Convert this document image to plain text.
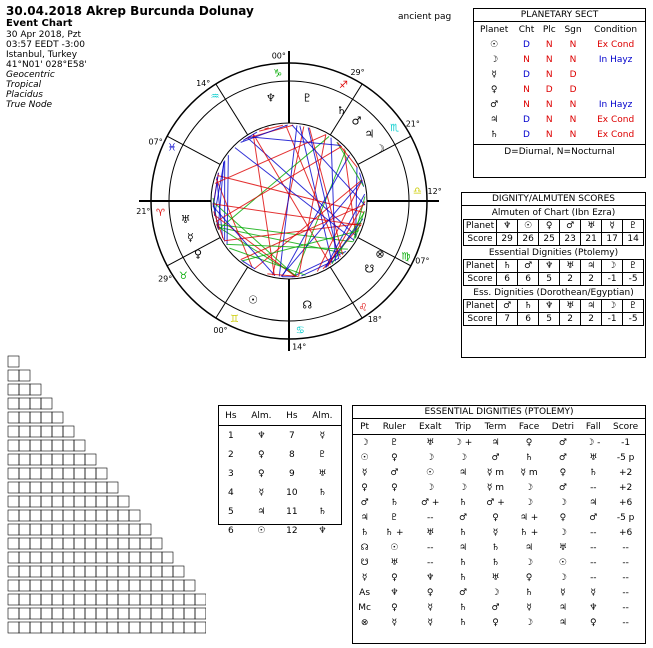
30.04.2018 Akrep Burcunda Dolunay
Event Chart
30 Apr 2018, Pzt
03:57 EEDT -3:00
Istanbul, Turkey
41°N01' 028°E58'
Geocentric
Tropical
Placidus
True Node
ancient pag
21°
29°
00°
14°
18°
07°
12°
21°
29°
00°
14°
07°
♈
♉
♊
♋
♌
♍
♎
♏
♐
♑
♒
♓
♆ ♇
♄
♂
♃
☽
♀
☿
♅
☉	☊
☋
⊗
PLANETARY SECT
Planet	Cht	Plc	Sgn	Condition
☉	D	N	N	Ex Cond
☽	N	N	N	In Hayz
☿	D	N	D	
♀	N	D	D	
♂	N	N	N	In Hayz
♃	D	N	N	Ex Cond
♄	D	N	N	Ex Cond
D=Diurnal, N=Nocturnal
DIGNITY/ALMUTEN SCORES
Almuten of Chart (Ibn Ezra)
Planet	♆	☉	♀	♂	♅	☿	♇
Score	29	26	25	23	21	17	14
Essential Dignities (Ptolemy)
Planet	♄	♂	♆	♅	♃	☽	♇
Score	6	6	5	2	2	-1	-5
Ess. Dignities (Dorothean/Egyptian)
Planet	♂	♄	♆	♅	♃	☽	♇
Score	7	6	5	2	2	-1	-5
Hs	Alm.	Hs	Alm.
1	♆	7	☿
2	♀	8	♇
3	♀	9	♅
4	☿	10	♄
5	♃	11	♄
6	☉	12	♆
ESSENTIAL DIGNITIES (PTOLEMY)
Pt	Ruler	Exalt	Trip	Term	Face	Detri	Fall	Score
☽	♇	♅	☽ +	♃	♀	♂	☽ -	-1
☉	♀	☽	☽	♂	♄	♂	♅	-5 p
☿	♂	☉	♃	☿ m	☿ m	♀	♄	+2
♀	♀	☽	☽	☿ m	☽	♂	--	+2
♂	♄	♂ +	♄	♂ +	☽	☽	♃	+6
♃	♇	--	♂	♀	♃ +	♀	♂	-5 p
♄	♄ +	♅	♄	☿	♄ +	☽	--	+6
☊	☉	--	♃	♄	♃	♅	--	--
☋	♅	--	♄	♄	☽	☉	--	--
☿	♀	♆	♄	♅	♀	☽	--	--
As	♆	♀	♂	☽	♄	☿	☿	--
Mc	♀	☿	♄	♂	☿	♃	♆	--
⊗	☿	☿	♄	♀	☽	♃	♀	--
